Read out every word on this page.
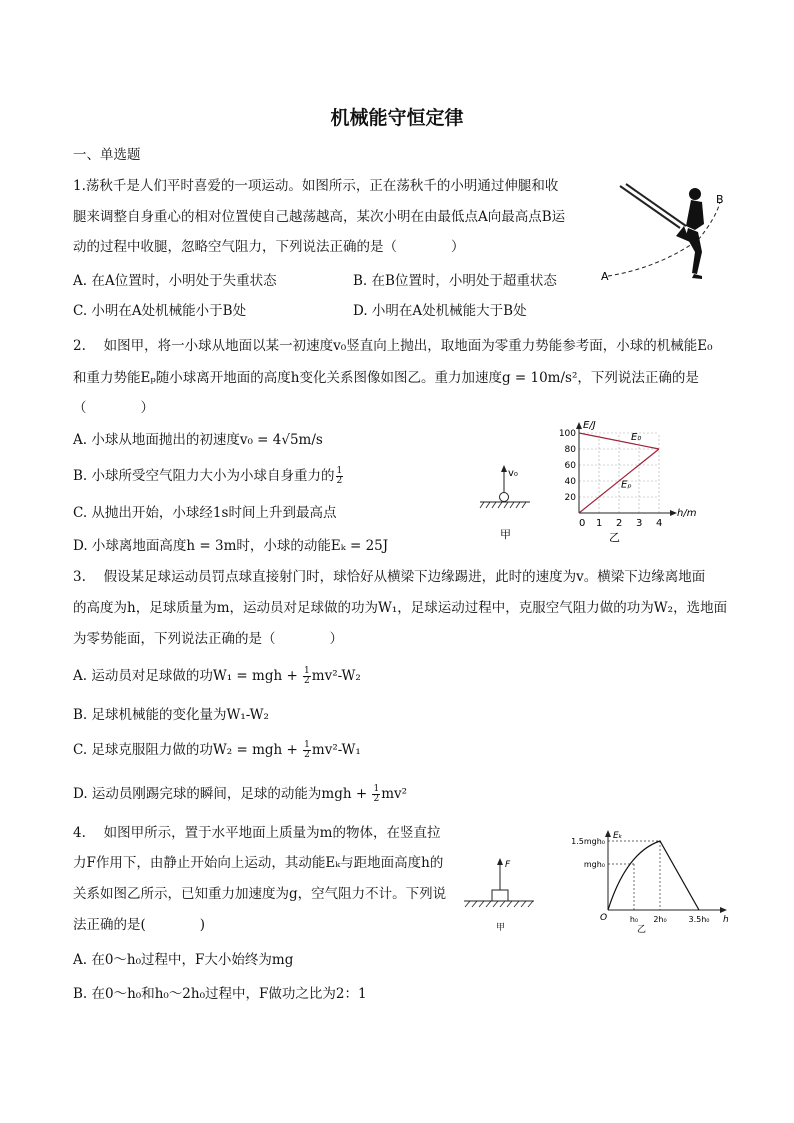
机械能守恒定律
一、单选题
1.荡秋千是人们平时喜爱的一项运动。如图所示，正在荡秋千的小明通过伸腿和收
腿来调整自身重心的相对位置使自己越荡越高，某次小明在由最低点A向最高点B运
动的过程中收腿，忽略空气阻力，下列说法正确的是（　　　　）
A. 在A位置时，小明处于失重状态	B. 在B位置时，小明处于超重状态
C. 小明在A处机械能小于B处	D. 小明在A处机械能大于B处
A
B
2.　 如图甲，将一小球从地面以某一初速度v₀竖直向上抛出，取地面为零重力势能参考面，小球的机械能E₀
和重力势能Eₚ随小球离开地面的高度h变化关系图像如图乙。重力加速度g = 10m/s²，下列说法正确的是
（　　　　）
A. 小球从地面抛出的初速度v₀ = 4√5m/s
B. 小球所受空气阻力大小为小球自身重力的 $\frac{1}{2}$
C. 从抛出开始，小球经1s时间上升到最高点
D. 小球离地面高度h = 3m时，小球的动能Eₖ = 25J
v₀
甲
E/J
h/m
20
40
60
80
100
0 1 2 3 4
E₀
Eₚ
乙
3.　 假设某足球运动员罚点球直接射门时，球恰好从横梁下边缘踢进，此时的速度为v。横梁下边缘离地面
的高度为h，足球质量为m，运动员对足球做的功为W₁，足球运动过程中，克服空气阻力做的功为W₂，选地面
为零势能面，下列说法正确的是（　　　　）
A. 运动员对足球做的功W₁ = mgh + $\frac{1}{2} mv^2-W_2$
B. 足球机械能的变化量为W₁-W₂
C. 足球克服阻力做的功W₂ = mgh + $\frac{1}{2} mv^2-W_1$
D. 运动员刚踢完球的瞬间，足球的动能为mgh + $\frac{1}{2} mv^2$
4.　 如图甲所示，置于水平地面上质量为m的物体，在竖直拉
力F作用下，由静止开始向上运动，其动能Eₖ与距地面高度h的
关系如图乙所示，已知重力加速度为g，空气阻力不计。下列说
法正确的是(　　　　)
A. 在0～h₀过程中，F大小始终为mg
B. 在0～h₀和h₀～2h₀过程中，F做功之比为2：1
F
甲
Eₖ
h
O	h₀ 2h₀	3.5h₀
mgh₀
1.5mgh₀
乙
